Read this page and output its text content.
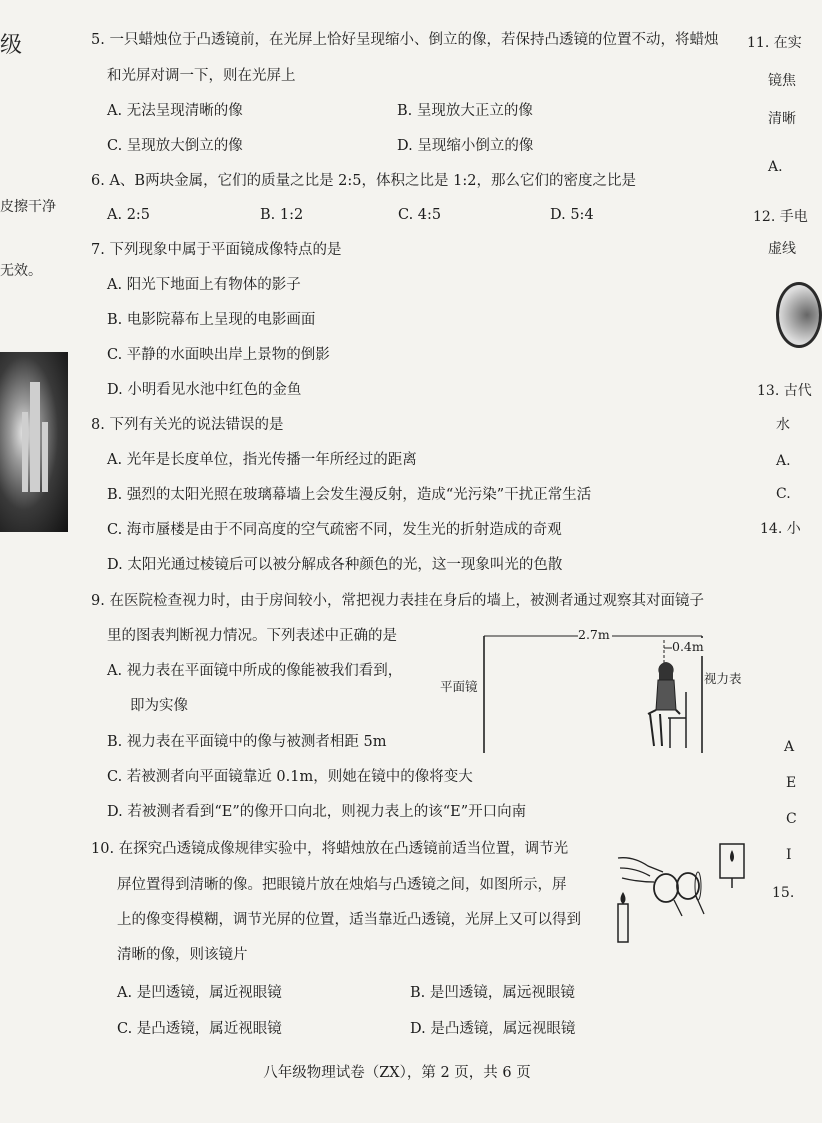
级
皮擦干净
无效。
5. 一只蜡烛位于凸透镜前，在光屏上恰好呈现缩小、倒立的像，若保持凸透镜的位置不动，将蜡烛
和光屏对调一下，则在光屏上
A. 无法呈现清晰的像	B. 呈现放大正立的像
C. 呈现放大倒立的像	D. 呈现缩小倒立的像
6. A、B两块金属，它们的质量之比是 2:5，体积之比是 1:2，那么它们的密度之比是
A. 2:5	B. 1:2	C. 4:5	D. 5:4
7. 下列现象中属于平面镜成像特点的是
A. 阳光下地面上有物体的影子
B. 电影院幕布上呈现的电影画面
C. 平静的水面映出岸上景物的倒影
D. 小明看见水池中红色的金鱼
8. 下列有关光的说法错误的是
A. 光年是长度单位，指光传播一年所经过的距离
B. 强烈的太阳光照在玻璃幕墙上会发生漫反射，造成“光污染”干扰正常生活
C. 海市蜃楼是由于不同高度的空气疏密不同，发生光的折射造成的奇观
D. 太阳光通过棱镜后可以被分解成各种颜色的光，这一现象叫光的色散
9. 在医院检查视力时，由于房间较小，常把视力表挂在身后的墙上，被测者通过观察其对面镜子
里的图表判断视力情况。下列表述中正确的是
A. 视力表在平面镜中所成的像能被我们看到，
即为实像
B. 视力表在平面镜中的像与被测者相距 5m
C. 若被测者向平面镜靠近 0.1m，则她在镜中的像将变大
D. 若被测者看到“E”的像开口向北，则视力表上的该“E”开口向南
2.7m
0.4m
平面镜
视力表
10. 在探究凸透镜成像规律实验中，将蜡烛放在凸透镜前适当位置，调节光
屏位置得到清晰的像。把眼镜片放在烛焰与凸透镜之间，如图所示，屏
上的像变得模糊，调节光屏的位置，适当靠近凸透镜，光屏上又可以得到
清晰的像，则该镜片
A. 是凹透镜，属近视眼镜	B. 是凹透镜，属远视眼镜
C. 是凸透镜，属近视眼镜	D. 是凸透镜，属远视眼镜
11. 在实
镜焦
清晰
A.
12. 手电
虚线
13. 古代
水
A.
C.
14. 小
A
E
C
I
15.
八年级物理试卷（ZX），第 2 页，共 6 页
